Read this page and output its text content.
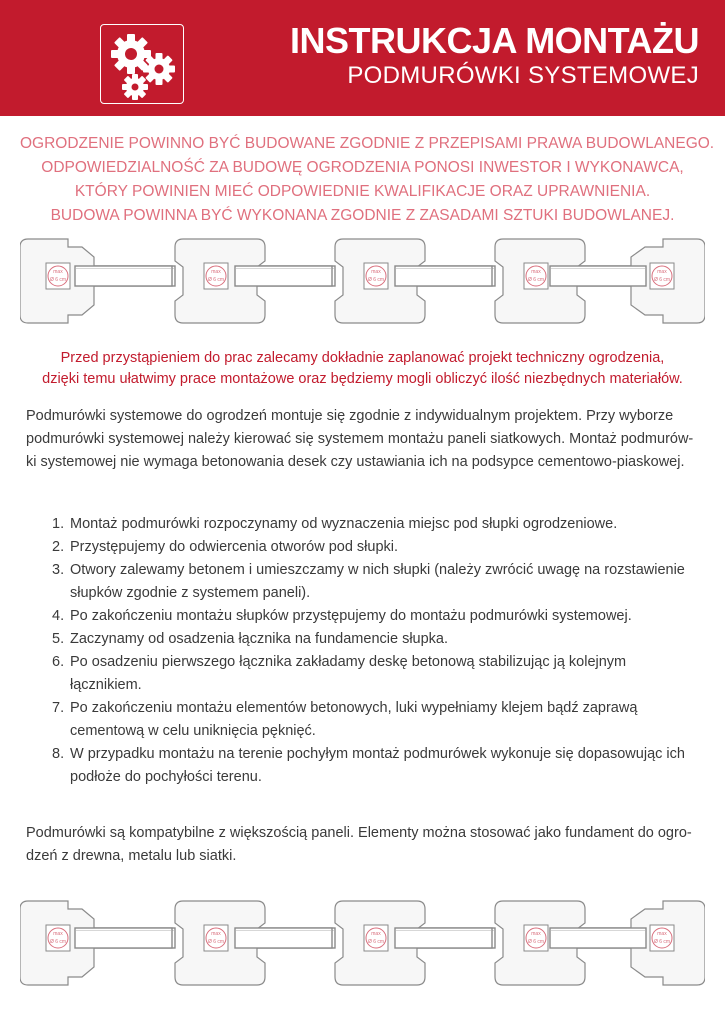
INSTRUKCJA MONTAŻU
PODMURÓWKI SYSTEMOWEJ
OGRODZENIE POWINNO BYĆ BUDOWANE ZGODNIE Z PRZEPISAMI PRAWA BUDOWLANEGO.
ODPOWIEDZIALNOŚĆ ZA BUDOWĘ OGRODZENIA PONOSI INWESTOR I WYKONAWCA,
KTÓRY POWINIEN MIEĆ ODPOWIEDNIE KWALIFIKACJE ORAZ UPRAWNIENIA.
BUDOWA POWINNA BYĆ WYKONANA ZGODNIE Z ZASADAMI SZTUKI BUDOWLANEJ.
max
Ø 6 cm
max
Ø 6 cm
max
Ø 6 cm
max
Ø 6 cm
max
Ø 6 cm
Przed przystąpieniem do prac zalecamy dokładnie zaplanować projekt techniczny ogrodzenia,
dzięki temu ułatwimy prace montażowe oraz będziemy mogli obliczyć ilość niezbędnych materiałów.
Podmurówki systemowe do ogrodzeń montuje się zgodnie z indywidualnym projektem. Przy wyborze
podmurówki systemowej należy kierować się systemem montażu paneli siatkowych. Montaż podmurów-
ki systemowej nie wymaga betonowania desek czy ustawiania ich na podsypce cementowo-piaskowej.
1. Montaż podmurówki rozpoczynamy od wyznaczenia miejsc pod słupki ogrodzeniowe.
2. Przystępujemy do odwiercenia otworów pod słupki.
3. Otwory zalewamy betonem i umieszczamy w nich słupki (należy zwrócić uwagę na rozstawienie
słupków zgodnie z systemem paneli).
4. Po zakończeniu montażu słupków przystępujemy do montażu podmurówki systemowej.
5. Zaczynamy od osadzenia łącznika na fundamencie słupka.
6. Po osadzeniu pierwszego łącznika zakładamy deskę betonową stabilizując ją kolejnym
łącznikiem.
7. Po zakończeniu montażu elementów betonowych, luki wypełniamy klejem bądź zaprawą
cementową w celu uniknięcia pęknięć.
8. W przypadku montażu na terenie pochyłym montaż podmurówek wykonuje się dopasowując ich
podłoże do pochyłości terenu.
Podmurówki są kompatybilne z większością paneli. Elementy można stosować jako fundament do ogro-
dzeń z drewna, metalu lub siatki.
max
Ø 6 cm
max
Ø 6 cm
max
Ø 6 cm
max
Ø 6 cm
max
Ø 6 cm
